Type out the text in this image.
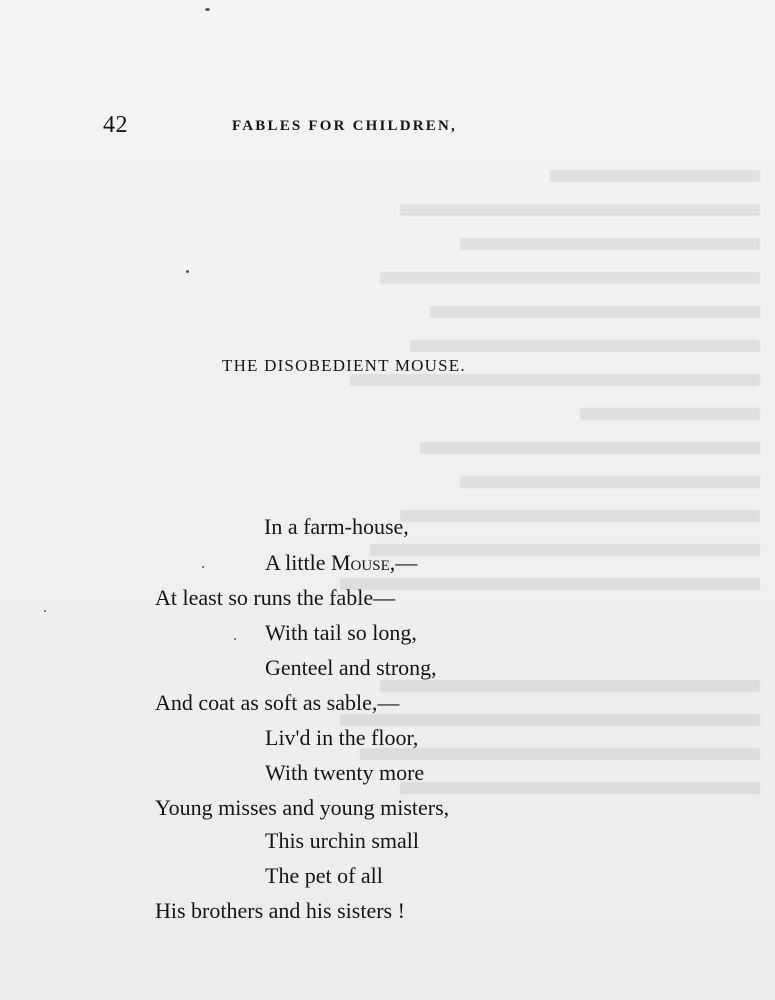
42	FABLES FOR CHILDREN,
THE DISOBEDIENT MOUSE.
In a farm-house,
A little Mouse,—
At least so runs the fable—
With tail so long,
Genteel and strong,
And coat as soft as sable,—
Liv'd in the floor,
With twenty more
Young misses and young misters,
This urchin small
The pet of all
His brothers and his sisters !
